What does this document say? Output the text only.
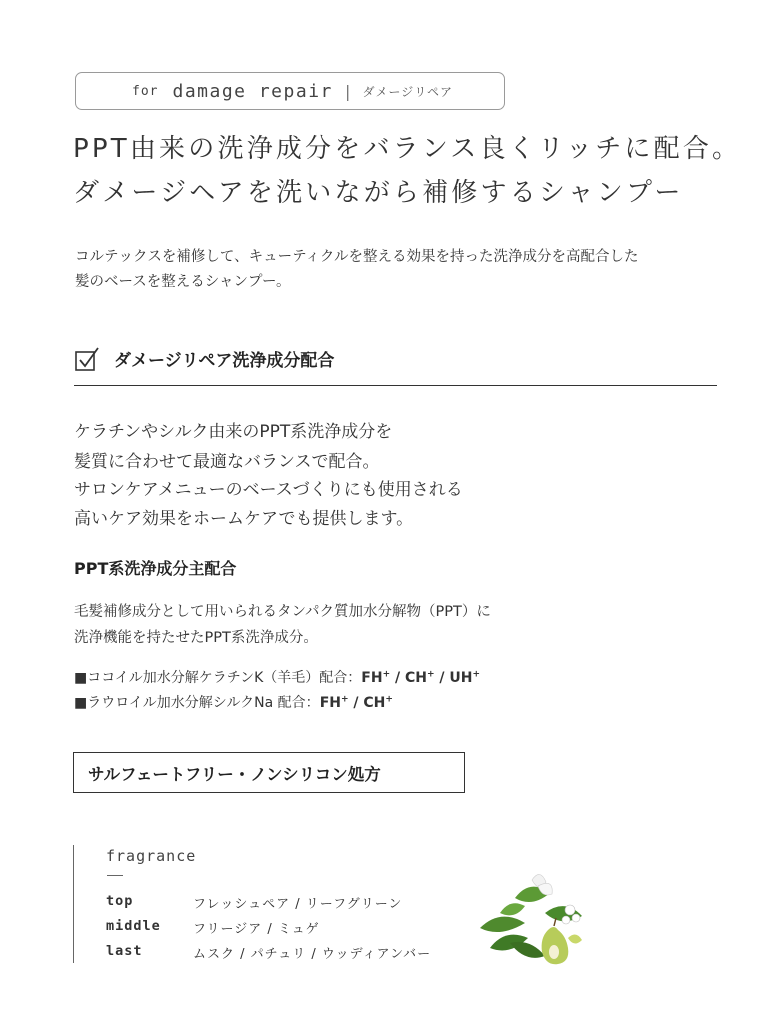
for damage repair | ダメージリペア
PPT由来の洗浄成分をバランス良くリッチに配合。
ダメージヘアを洗いながら補修するシャンプー
コルテックスを補修して、キューティクルを整える効果を持った洗浄成分を高配合した
髪のベースを整えるシャンプー。
ダメージリペア洗浄成分配合
ケラチンやシルク由来のPPT系洗浄成分を
髪質に合わせて最適なバランスで配合。
サロンケアメニューのベースづくりにも使用される
高いケア効果をホームケアでも提供します。
PPT系洗浄成分主配合
毛髪補修成分として用いられるタンパク質加水分解物（PPT）に
洗浄機能を持たせたPPT系洗浄成分。
■ココイル加水分解ケラチンK（羊毛）配合：FH+ / CH+ / UH+
■ラウロイル加水分解シルクNa 配合：FH+ / CH+
サルフェートフリー・ノンシリコン処方
fragrance
top	フレッシュペア / リーフグリーン
middle フリージア / ミュゲ
last	ムスク / パチュリ / ウッディアンバー
